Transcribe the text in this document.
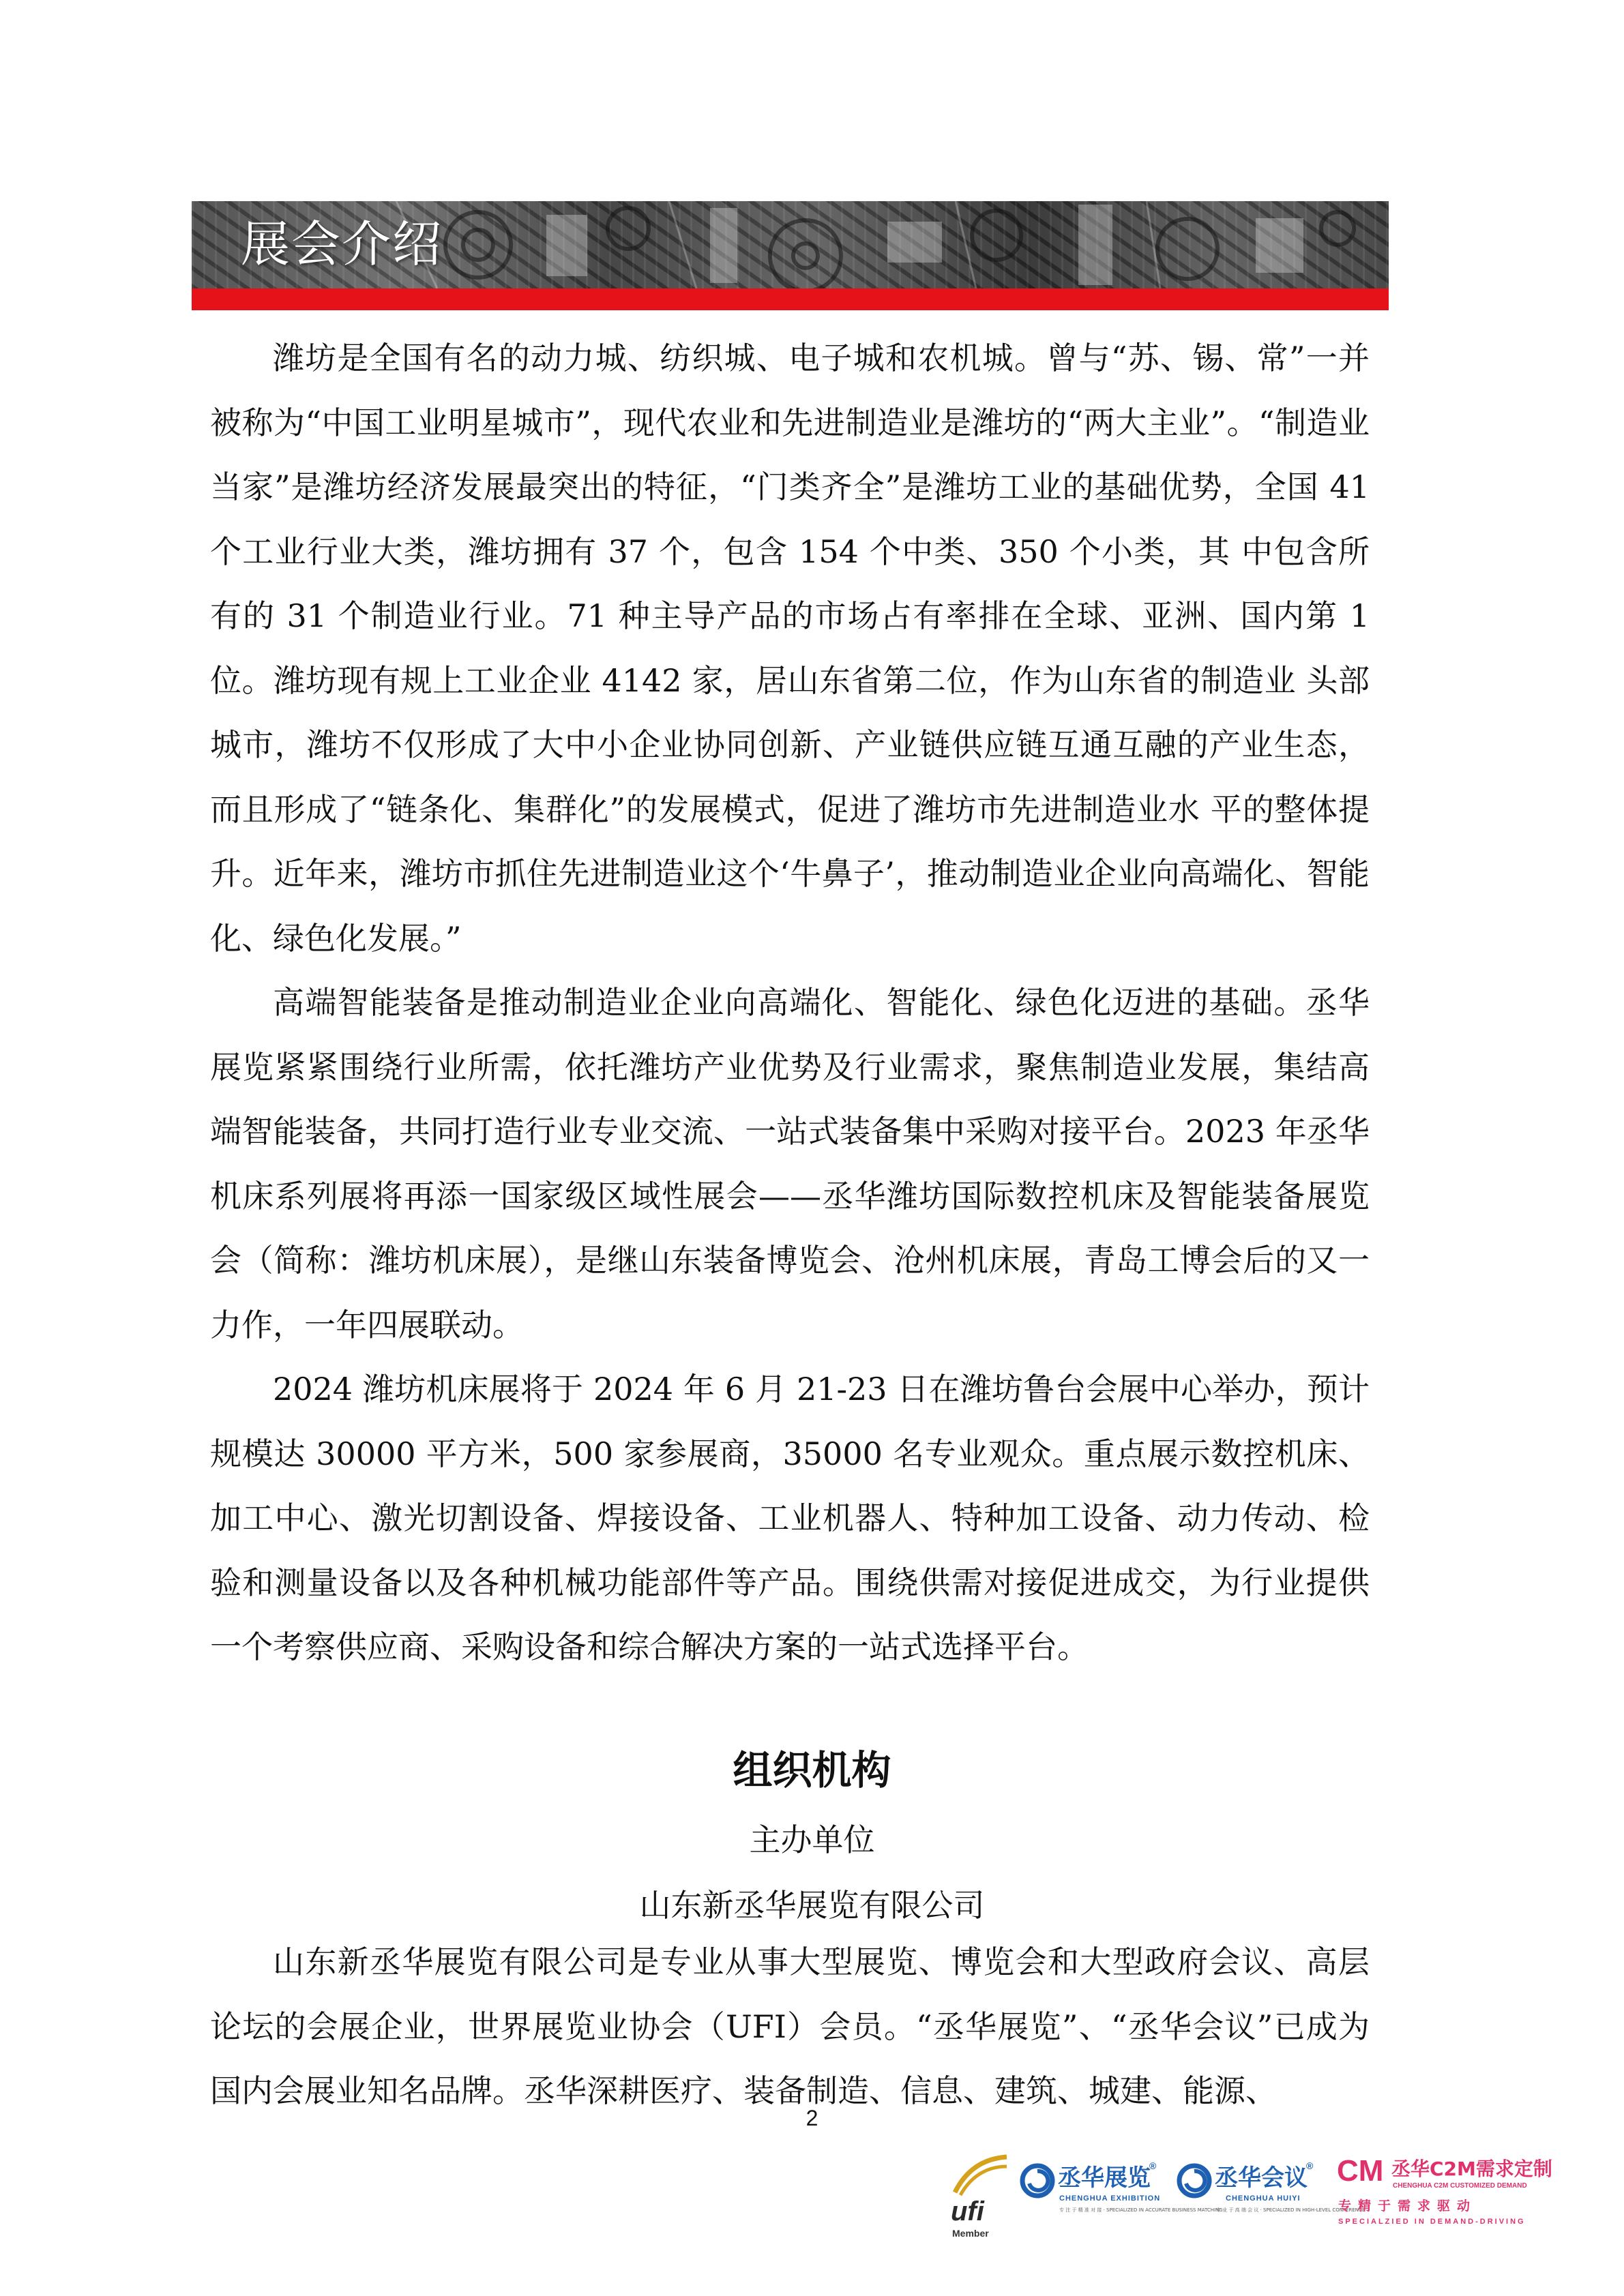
展会介绍

潍坊是全国有名的动力城、纺织城、电子城和农机城。曾与“苏、锡、常”一并被称为“中国工业明星城市”，现代农业和先进制造业是潍坊的“两大主业”。“制造业当家”是潍坊经济发展最突出的特征，“门类齐全”是潍坊工业的基础优势，全国 41 个工业行业大类，潍坊拥有 37 个，包含 154 个中类、350 个小类，其 中包含所有的 31 个制造业行业。71 种主导产品的市场占有率排在全球、亚洲、国内第 1 位。潍坊现有规上工业企业 4142 家，居山东省第二位，作为山东省的制造业 头部城市，潍坊不仅形成了大中小企业协同创新、产业链供应链互通互融的产业生态，而且形成了“链条化、集群化”的发展模式，促进了潍坊市先进制造业水 平的整体提升。近年来，潍坊市抓住先进制造业这个‘牛鼻子’，推动制造业企业向高端化、智能化、绿色化发展。”

高端智能装备是推动制造业企业向高端化、智能化、绿色化迈进的基础。丞华展览紧紧围绕行业所需，依托潍坊产业优势及行业需求，聚焦制造业发展，集结高端智能装备，共同打造行业专业交流、一站式装备集中采购对接平台。2023 年丞华机床系列展将再添一国家级区域性展会——丞华潍坊国际数控机床及智能装备展览会（简称：潍坊机床展），是继山东装备博览会、沧州机床展，青岛工博会后的又一力作，一年四展联动。

2024 潍坊机床展将于 2024 年 6 月 21-23 日在潍坊鲁台会展中心举办，预计规模达 30000 平方米，500 家参展商，35000 名专业观众。重点展示数控机床、加工中心、激光切割设备、焊接设备、工业机器人、特种加工设备、动力传动、检验和测量设备以及各种机械功能部件等产品。围绕供需对接促进成交，为行业提供一个考察供应商、采购设备和综合解决方案的一站式选择平台。

组织机构
主办单位
山东新丞华展览有限公司

山东新丞华展览有限公司是专业从事大型展览、博览会和大型政府会议、高层论坛的会展企业，世界展览业协会（UFI）会员。“丞华展览”、“丞华会议”已成为国内会展业知名品牌。丞华深耕医疗、装备制造、信息、建筑、城建、能源、

2
ufi
Member
丞华展览
®
CHENGHUA EXHIBITION
专 注 于 精 准 对 接 · SPECIALIZED IN ACCURATE BUSINESS MATCHING
丞华会议
®
CHENGHUA HUIYI
专 业 于 高 端 会 议 · SPECIALIZED IN HIGH-LEVEL CONFERENCE
CM 丞华C2M需求定制
CHENGHUA C2M CUSTOMIZED DEMAND
专精于需求驱动
SPECIALZIED IN DEMAND-DRIVING
